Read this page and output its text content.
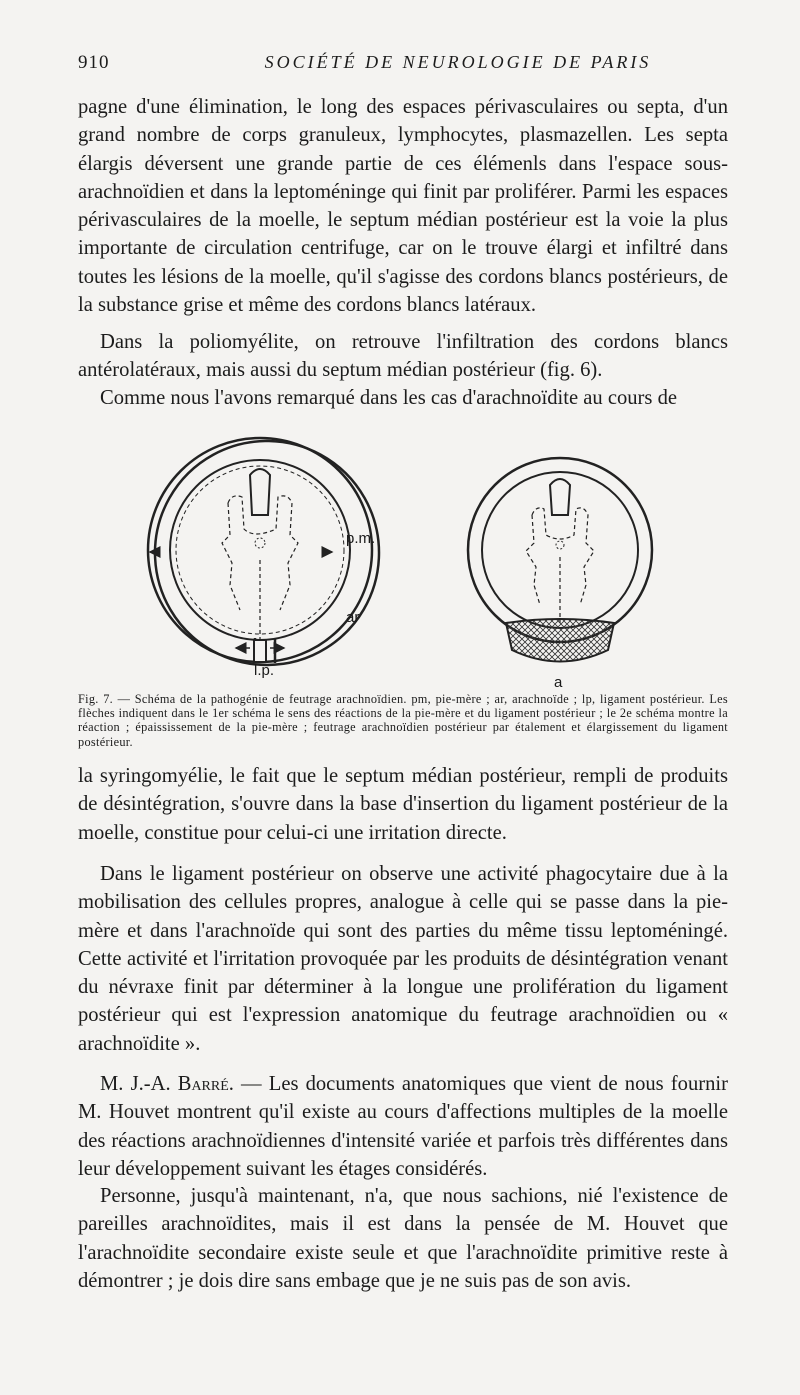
910	SOCIÉTÉ DE NEUROLOGIE DE PARIS

pagne d'une élimination, le long des espaces périvasculaires ou septa, d'un grand nombre de corps granuleux, lymphocytes, plasmazellen. Les septa élargis déversent une grande partie de ces élémenls dans l'espace sous-arachnoïdien et dans la leptoméninge qui finit par proliférer. Parmi les espaces périvasculaires de la moelle, le septum médian postérieur est la voie la plus importante de circulation centrifuge, car on le trouve élargi et infiltré dans toutes les lésions de la moelle, qu'il s'agisse des cordons blancs postérieurs, de la substance grise et même des cordons blancs latéraux.

Dans la poliomyélite, on retrouve l'infiltration des cordons blancs antérolatéraux, mais aussi du septum médian postérieur (fig. 6).

Comme nous l'avons remarqué dans les cas d'arachnoïdite au cours de

p.m.
ar
l.p.
a

Fig. 7. — Schéma de la pathogénie de feutrage arachnoïdien. pm, pie-mère ; ar, arachnoïde ; lp, ligament postérieur. Les flèches indiquent dans le 1er schéma le sens des réactions de la pie-mère et du ligament postérieur ; le 2e schéma montre la réaction ; épaississement de la pie-mère ; feutrage arachnoïdien postérieur par étalement et élargissement du ligament postérieur.

la syringomyélie, le fait que le septum médian postérieur, rempli de produits de désintégration, s'ouvre dans la base d'insertion du ligament postérieur de la moelle, constitue pour celui-ci une irritation directe.

Dans le ligament postérieur on observe une activité phagocytaire due à la mobilisation des cellules propres, analogue à celle qui se passe dans la pie-mère et dans l'arachnoïde qui sont des parties du même tissu leptoméningé. Cette activité et l'irritation provoquée par les produits de désintégration venant du névraxe finit par déterminer à la longue une prolifération du ligament postérieur qui est l'expression anatomique du feutrage arachnoïdien ou « arachnoïdite ».

M. J.-A. Barré. — Les documents anatomiques que vient de nous fournir M. Houvet montrent qu'il existe au cours d'affections multiples de la moelle des réactions arachnoïdiennes d'intensité variée et parfois très différentes dans leur développement suivant les étages considérés.

Personne, jusqu'à maintenant, n'a, que nous sachions, nié l'existence de pareilles arachnoïdites, mais il est dans la pensée de M. Houvet que l'arachnoïdite secondaire existe seule et que l'arachnoïdite primitive reste à démontrer ; je dois dire sans embage que je ne suis pas de son avis.
